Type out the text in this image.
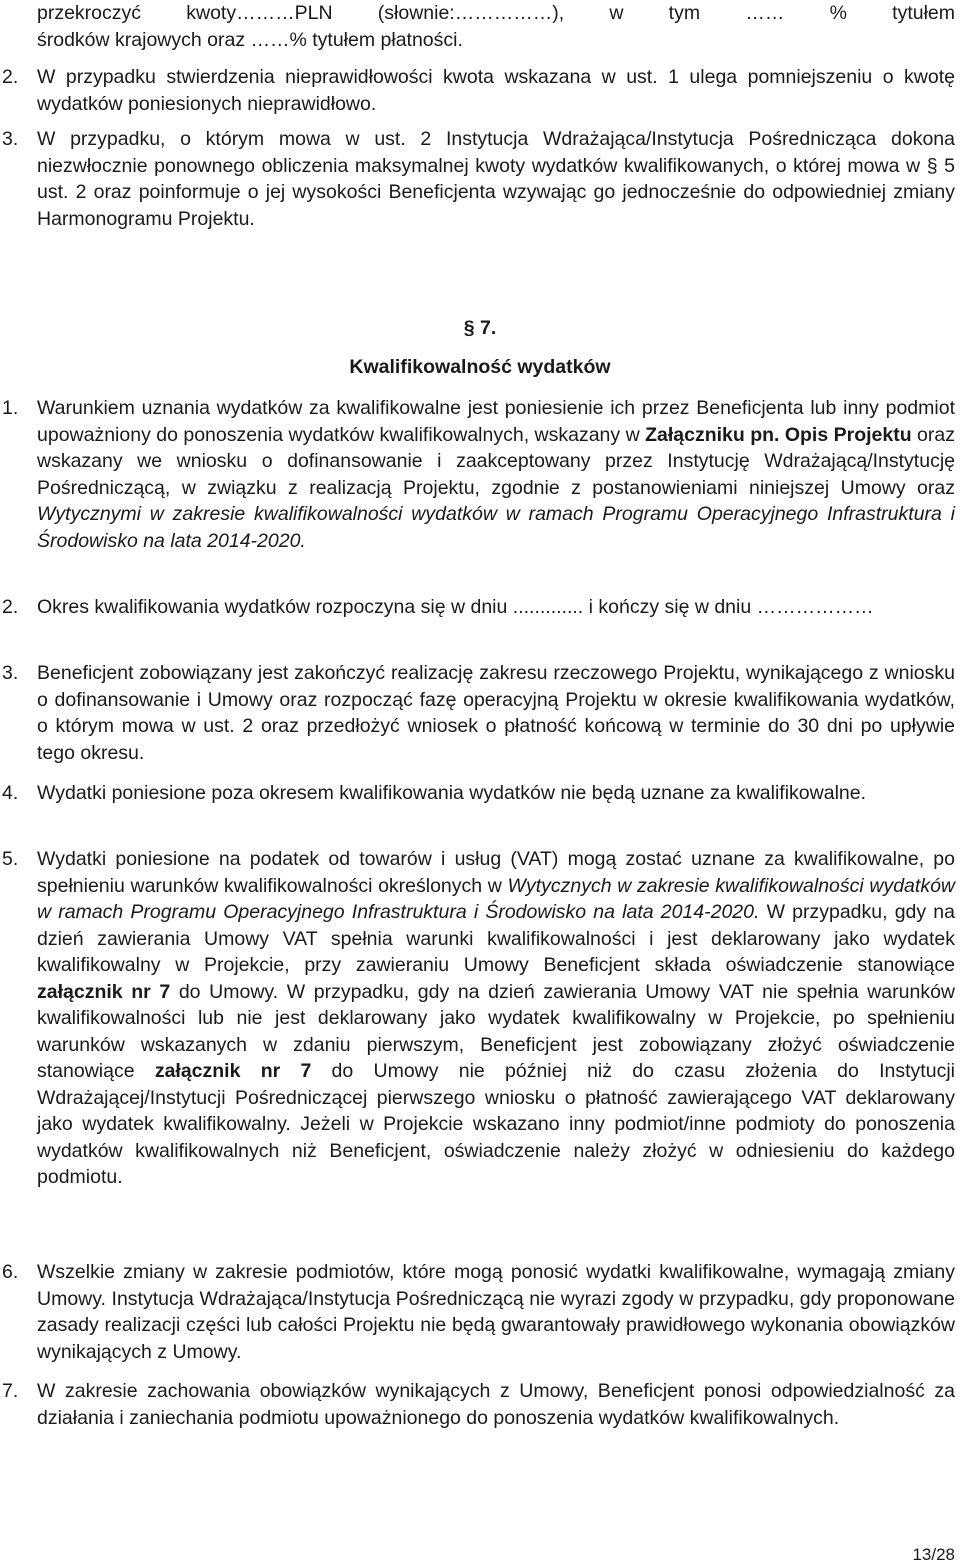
przekroczyć kwoty………PLN (słownie:……………), w tym …… % tytułem
środków krajowych oraz ……% tytułem płatności.

2. W przypadku stwierdzenia nieprawidłowości kwota wskazana w ust. 1 ulega pomniejszeniu o kwotę wydatków poniesionych nieprawidłowo.
3. W przypadku, o którym mowa w ust. 2 Instytucja Wdrażająca/Instytucja Pośrednicząca dokona niezwłocznie ponownego obliczenia maksymalnej kwoty wydatków kwalifikowanych, o której mowa w § 5 ust. 2 oraz poinformuje o jej wysokości Beneficjenta wzywając go jednocześnie do odpowiedniej zmiany Harmonogramu Projektu.

§ 7.

Kwalifikowalność wydatków

1. Warunkiem uznania wydatków za kwalifikowalne jest poniesienie ich przez Beneficjenta lub inny podmiot upoważniony do ponoszenia wydatków kwalifikowalnych, wskazany w Załączniku pn. Opis Projektu oraz wskazany we wniosku o dofinansowanie i zaakceptowany przez Instytucję Wdrażającą/Instytucję Pośredniczącą, w związku z realizacją Projektu, zgodnie z postanowieniami niniejszej Umowy oraz Wytycznymi w zakresie kwalifikowalności wydatków w ramach Programu Operacyjnego Infrastruktura i Środowisko na lata 2014-2020.
2. Okres kwalifikowania wydatków rozpoczyna się w dniu ............. i kończy się w dniu ………………
3. Beneficjent zobowiązany jest zakończyć realizację zakresu rzeczowego Projektu, wynikającego z wniosku o dofinansowanie i Umowy oraz rozpocząć fazę operacyjną Projektu w okresie kwalifikowania wydatków, o którym mowa w ust. 2 oraz przedłożyć wniosek o płatność końcową w terminie do 30 dni po upływie tego okresu.
4. Wydatki poniesione poza okresem kwalifikowania wydatków nie będą uznane za kwalifikowalne.
5. Wydatki poniesione na podatek od towarów i usług (VAT) mogą zostać uznane za kwalifikowalne, po spełnieniu warunków kwalifikowalności określonych w Wytycznych w zakresie kwalifikowalności wydatków w ramach Programu Operacyjnego Infrastruktura i Środowisko na lata 2014-2020. W przypadku, gdy na dzień zawierania Umowy VAT spełnia warunki kwalifikowalności i jest deklarowany jako wydatek kwalifikowalny w Projekcie, przy zawieraniu Umowy Beneficjent składa oświadczenie stanowiące załącznik nr 7 do Umowy. W przypadku, gdy na dzień zawierania Umowy VAT nie spełnia warunków kwalifikowalności lub nie jest deklarowany jako wydatek kwalifikowalny w Projekcie, po spełnieniu warunków wskazanych w zdaniu pierwszym, Beneficjent jest zobowiązany złożyć oświadczenie stanowiące załącznik nr 7 do Umowy nie później niż do czasu złożenia do Instytucji Wdrażającej/Instytucji Pośredniczącej pierwszego wniosku o płatność zawierającego VAT deklarowany jako wydatek kwalifikowalny. Jeżeli w Projekcie wskazano inny podmiot/inne podmioty do ponoszenia wydatków kwalifikowalnych niż Beneficjent, oświadczenie należy złożyć w odniesieniu do każdego podmiotu.
6. Wszelkie zmiany w zakresie podmiotów, które mogą ponosić wydatki kwalifikowalne, wymagają zmiany Umowy. Instytucja Wdrażająca/Instytucja Pośredniczącą nie wyrazi zgody w przypadku, gdy proponowane zasady realizacji części lub całości Projektu nie będą gwarantowały prawidłowego wykonania obowiązków wynikających z Umowy.
7. W zakresie zachowania obowiązków wynikających z Umowy, Beneficjent ponosi odpowiedzialność za działania i zaniechania podmiotu upoważnionego do ponoszenia wydatków kwalifikowalnych.
13/28
